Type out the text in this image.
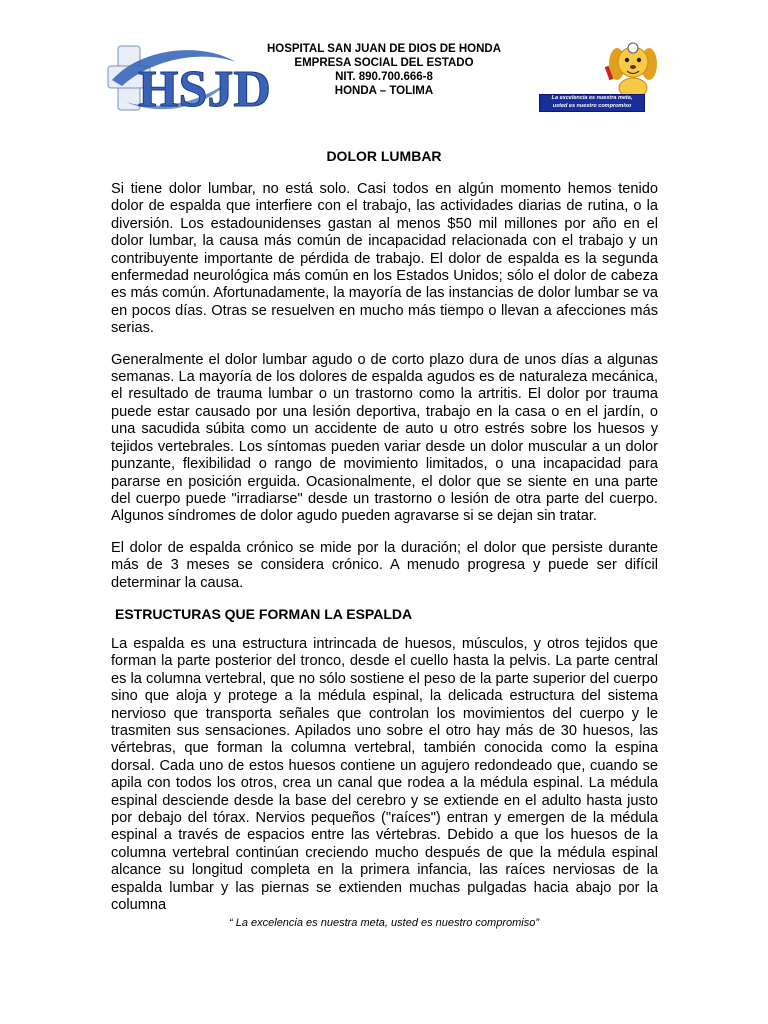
HSJD
HOSPITAL SAN JUAN DE DIOS DE HONDA
EMPRESA SOCIAL DEL ESTADO
NIT. 890.700.666-8
HONDA – TOLIMA
La excelencia es nuestra meta,
usted es nuestro compromiso
DOLOR LUMBAR

Si tiene dolor lumbar, no está solo. Casi todos en algún momento hemos tenido dolor de espalda que interfiere con el trabajo, las actividades diarias de rutina, o la diversión. Los estadounidenses gastan al menos $50 mil millones por año en el dolor lumbar, la causa más común de incapacidad relacionada con el trabajo y un contribuyente importante de pérdida de trabajo. El dolor de espalda es la segunda enfermedad neurológica más común en los Estados Unidos; sólo el dolor de cabeza es más común. Afortunadamente, la mayoría de las instancias de dolor lumbar se va en pocos días. Otras se resuelven en mucho más tiempo o llevan a afecciones más serias.

Generalmente el dolor lumbar agudo o de corto plazo dura de unos días a algunas semanas. La mayoría de los dolores de espalda agudos es de naturaleza mecánica, el resultado de trauma lumbar o un trastorno como la artritis. El dolor por trauma puede estar causado por una lesión deportiva, trabajo en la casa o en el jardín, o una sacudida súbita como un accidente de auto u otro estrés sobre los huesos y tejidos vertebrales. Los síntomas pueden variar desde un dolor muscular a un dolor punzante, flexibilidad o rango de movimiento limitados, o una incapacidad para pararse en posición erguida. Ocasionalmente, el dolor que se siente en una parte del cuerpo puede "irradiarse" desde un trastorno o lesión de otra parte del cuerpo. Algunos síndromes de dolor agudo pueden agravarse si se dejan sin tratar.

El dolor de espalda crónico se mide por la duración; el dolor que persiste durante más de 3 meses se considera crónico. A menudo progresa y puede ser difícil determinar la causa.

ESTRUCTURAS QUE FORMAN LA ESPALDA

La espalda es una estructura intrincada de huesos, músculos, y otros tejidos que forman la parte posterior del tronco, desde el cuello hasta la pelvis. La parte central es la columna vertebral, que no sólo sostiene el peso de la parte superior del cuerpo sino que aloja y protege a la médula espinal, la delicada estructura del sistema nervioso que transporta señales que controlan los movimientos del cuerpo y le trasmiten sus sensaciones. Apilados uno sobre el otro hay más de 30 huesos, las vértebras, que forman la columna vertebral, también conocida como la espina dorsal. Cada uno de estos huesos contiene un agujero redondeado que, cuando se apila con todos los otros, crea un canal que rodea a la médula espinal. La médula espinal desciende desde la base del cerebro y se extiende en el adulto hasta justo por debajo del tórax. Nervios pequeños ("raíces") entran y emergen de la médula espinal a través de espacios entre las vértebras. Debido a que los huesos de la columna vertebral continúan creciendo mucho después de que la médula espinal alcance su longitud completa en la primera infancia, las raíces nerviosas de la espalda lumbar y las piernas se extienden muchas pulgadas hacia abajo por la columna

“ La excelencia es nuestra meta, usted es nuestro compromiso”
